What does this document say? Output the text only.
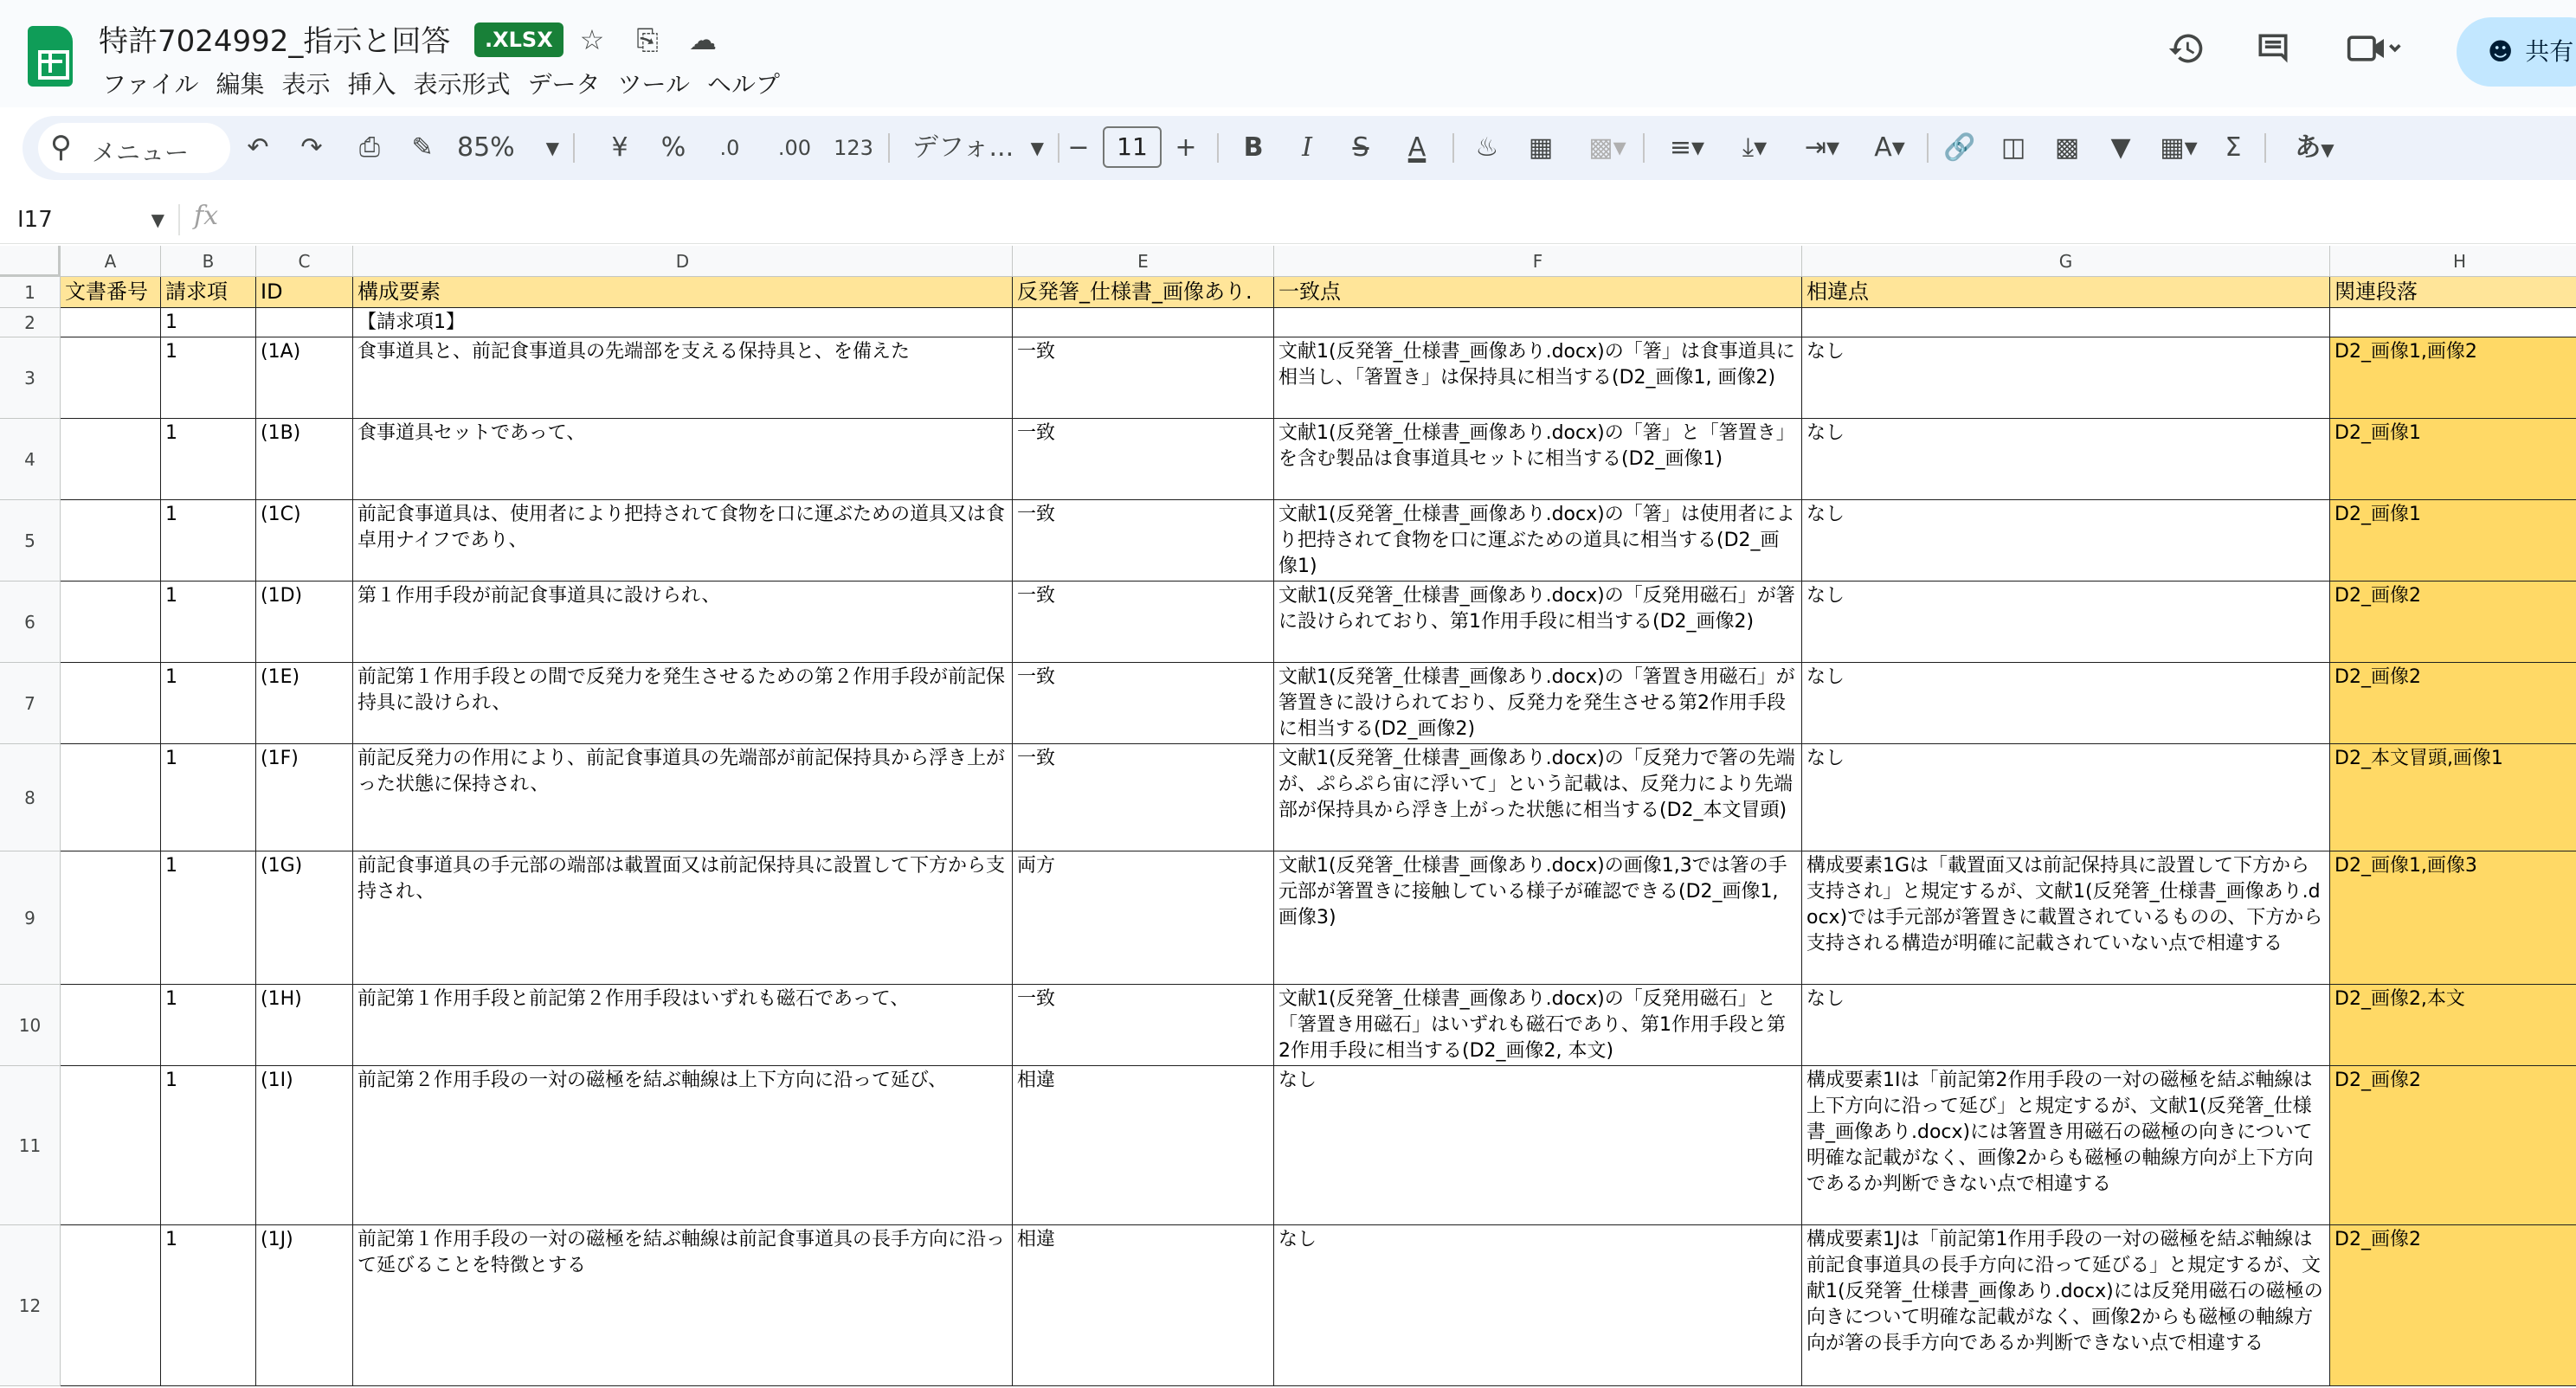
特許7024992_指示と回答	.XLSX ☆ ⎘ ☁
ファイル 編集 表示 挿入 表示形式 データ ツール ヘルプ
☻ 共有
⚲ メニュー	↶	↷	⎙	✎ 85% ▼	¥	%	.0	.00	123	デフォ... ▼ −	11	+	B	I	S	A	♨ ▦	▩▾	≡▾	⤓▾	⇥▾	A▾	🔗 ◫ ▩	▼	▦▾	Σ	あ▼
I17	▼ fx
A	B	C	D	E	F	G	H
1
2
3
4
5
6
7
8
9
10
11
12
文書番号 請求項	ID	構成要素	反発箸_仕様書_画像あり.	一致点	相違点	関連段落
1	【請求項1】
1	(1A)	食事道具と、前記食事道具の先端部を支える保持具と、を備えた	一致	文献1(反発箸_仕様書_画像あり.docx)の「箸」は食事道具に相当し、「箸置き」は保持具に相当する(D2_画像1, 画像2)
なし	D2_画像1,画像2
1	(1B)	食事道具セットであって、	一致	文献1(反発箸_仕様書_画像あり.docx)の「箸」と「箸置き」を含む製品は食事道具セットに相当する(D2_画像1)
なし	D2_画像1
1	(1C)	前記食事道具は、使用者により把持されて食物を口に運ぶための道具又は食卓用ナイフであり、
一致	文献1(反発箸_仕様書_画像あり.docx)の「箸」は使用者により把持されて食物を口に運ぶための道具に相当する(D2_画像1)
なし	D2_画像1
1	(1D)	第１作用手段が前記食事道具に設けられ、	一致	文献1(反発箸_仕様書_画像あり.docx)の「反発用磁石」が箸に設けられており、第1作用手段に相当する(D2_画像2)
なし	D2_画像2
1	(1E)	前記第１作用手段との間で反発力を発生させるための第２作用手段が前記保持具に設けられ、
一致	文献1(反発箸_仕様書_画像あり.docx)の「箸置き用磁石」が箸置きに設けられており、反発力を発生させる第2作用手段に相当する(D2_画像2)
なし	D2_画像2
1	(1F)	前記反発力の作用により、前記食事道具の先端部が前記保持具から浮き上がった状態に保持され、
一致	文献1(反発箸_仕様書_画像あり.docx)の「反発力で箸の先端が、ぷらぷら宙に浮いて」という記載は、反発力により先端部が保持具から浮き上がった状態に相当する(D2_本文冒頭)
なし	D2_本文冒頭,画像1
1	(1G)	前記食事道具の手元部の端部は載置面又は前記保持具に設置して下方から支持され、
両方	文献1(反発箸_仕様書_画像あり.docx)の画像1,3では箸の手元部が箸置きに接触している様子が確認できる(D2_画像1, 画像3)
構成要素1Gは「載置面又は前記保持具に設置して下方から支持され」と規定するが、文献1(反発箸_仕様書_画像あり.docx)では手元部が箸置きに載置されているものの、下方から支持される構造が明確に記載されていない点で相違する
D2_画像1,画像3
1	(1H)	前記第１作用手段と前記第２作用手段はいずれも磁石であって、	一致	文献1(反発箸_仕様書_画像あり.docx)の「反発用磁石」と「箸置き用磁石」はいずれも磁石であり、第1作用手段と第2作用手段に相当する(D2_画像2, 本文)
なし	D2_画像2,本文
1	(1I)	前記第２作用手段の一対の磁極を結ぶ軸線は上下方向に沿って延び、	相違	なし	構成要素1Iは「前記第2作用手段の一対の磁極を結ぶ軸線は上下方向に沿って延び」と規定するが、文献1(反発箸_仕様書_画像あり.docx)には箸置き用磁石の磁極の向きについて明確な記載がなく、画像2からも磁極の軸線方向が上下方向であるか判断できない点で相違する
D2_画像2
1	(1J)	前記第１作用手段の一対の磁極を結ぶ軸線は前記食事道具の長手方向に沿って延びることを特徴とする
相違	なし	構成要素1Jは「前記第1作用手段の一対の磁極を結ぶ軸線は前記食事道具の長手方向に沿って延びる」と規定するが、文献1(反発箸_仕様書_画像あり.docx)には反発用磁石の磁極の向きについて明確な記載がなく、画像2からも磁極の軸線方向が箸の長手方向であるか判断できない点で相違する
D2_画像2
